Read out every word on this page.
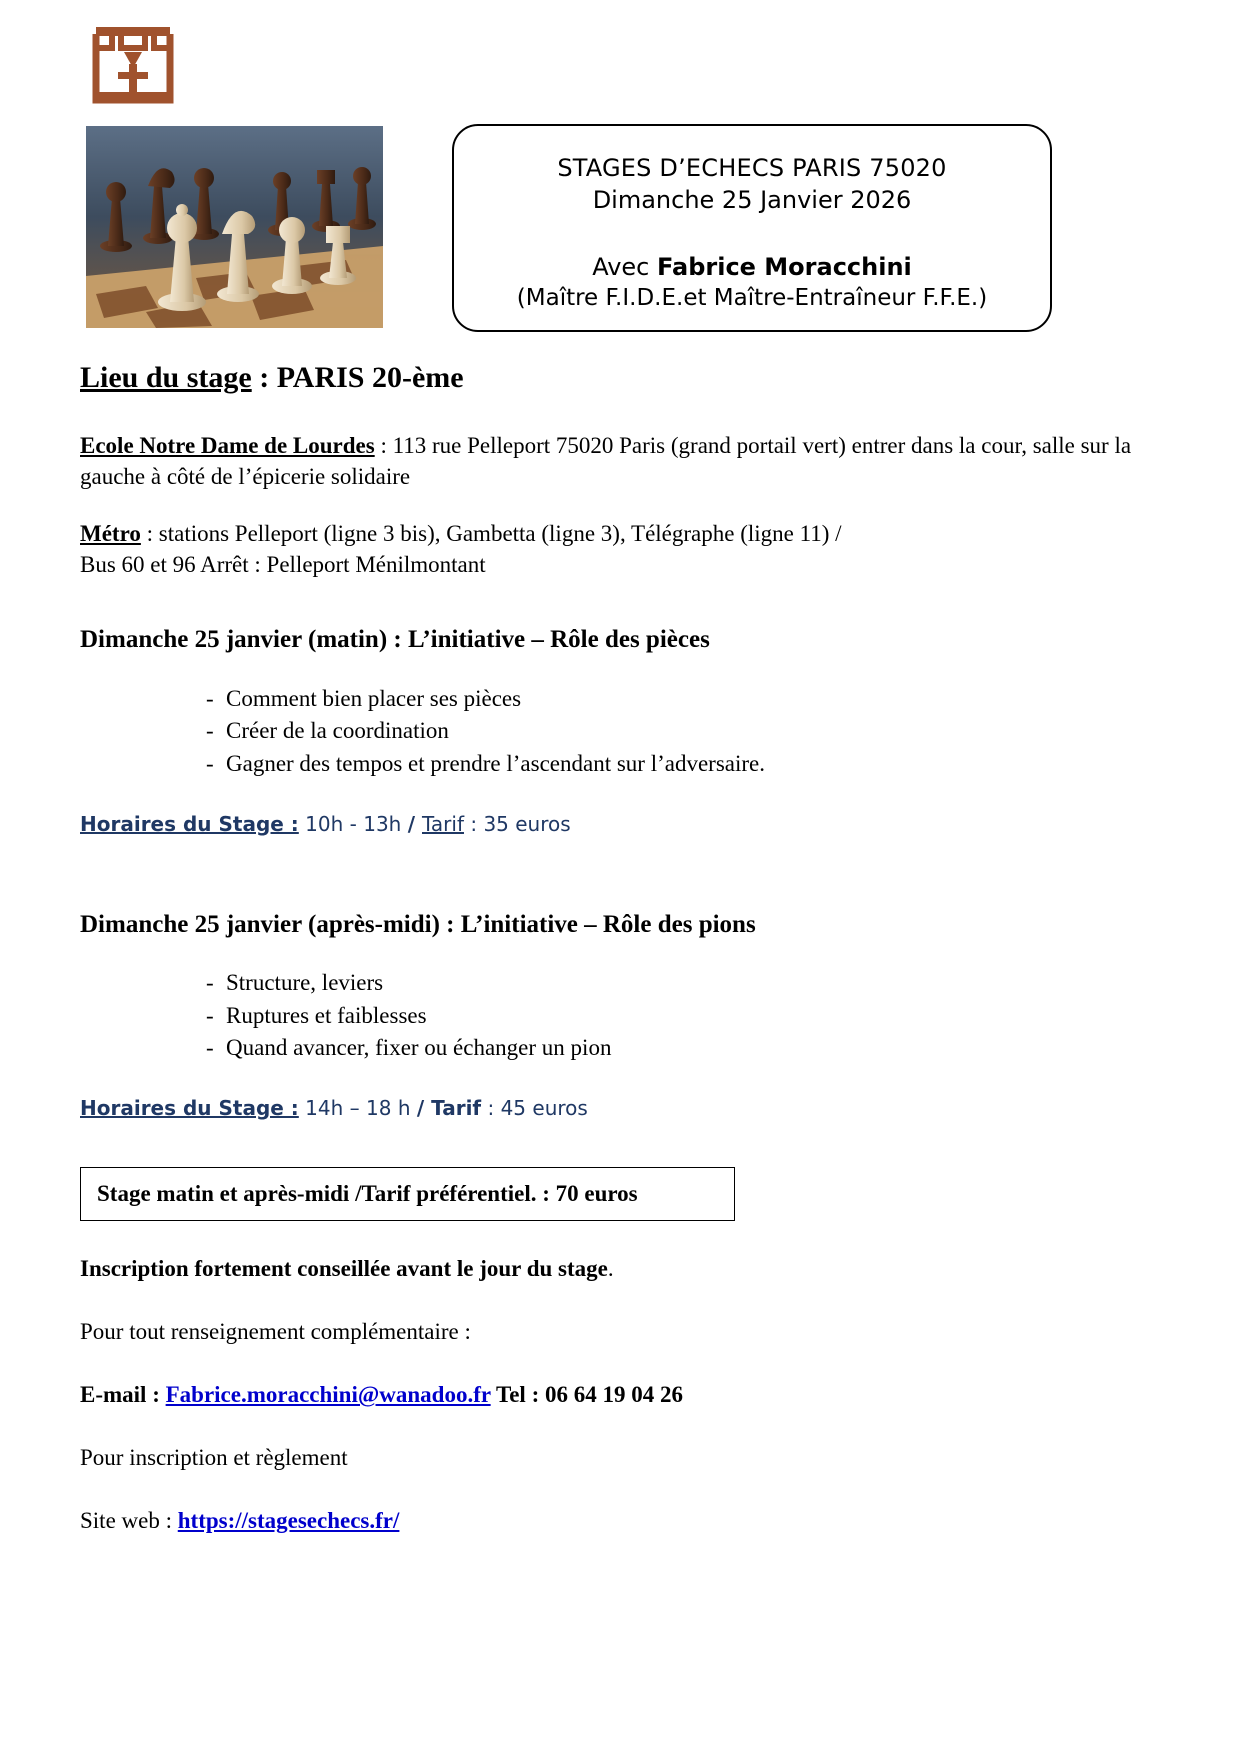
STAGES D’ECHECS PARIS 75020
Dimanche 25 Janvier 2026
Avec Fabrice Moracchini
(Maître F.I.D.E.et Maître-Entraîneur F.F.E.)
Lieu du stage : PARIS 20-ème

Ecole Notre Dame de Lourdes : 113 rue Pelleport 75020 Paris (grand portail vert) entrer dans la cour, salle sur la gauche à côté de l’épicerie solidaire

Métro : stations Pelleport (ligne 3 bis), Gambetta (ligne 3), Télégraphe (ligne 11) /
Bus 60 et 96 Arrêt : Pelleport Ménilmontant

Dimanche 25 janvier (matin) : L’initiative – Rôle des pièces
- Comment bien placer ses pièces
- Créer de la coordination
- Gagner des tempos et prendre l’ascendant sur l’adversaire.

Horaires du Stage : 10h - 13h / Tarif : 35 euros

Dimanche 25 janvier (après-midi) : L’initiative – Rôle des pions
- Structure, leviers
- Ruptures et faiblesses
- Quand avancer, fixer ou échanger un pion

Horaires du Stage : 14h – 18 h / Tarif : 45 euros

Stage matin et après-midi /Tarif préférentiel. : 70 euros

Inscription fortement conseillée avant le jour du stage.

Pour tout renseignement complémentaire :

E-mail : Fabrice.moracchini@wanadoo.fr Tel : 06 64 19 04 26

Pour inscription et règlement

Site web : https://stagesechecs.fr/
